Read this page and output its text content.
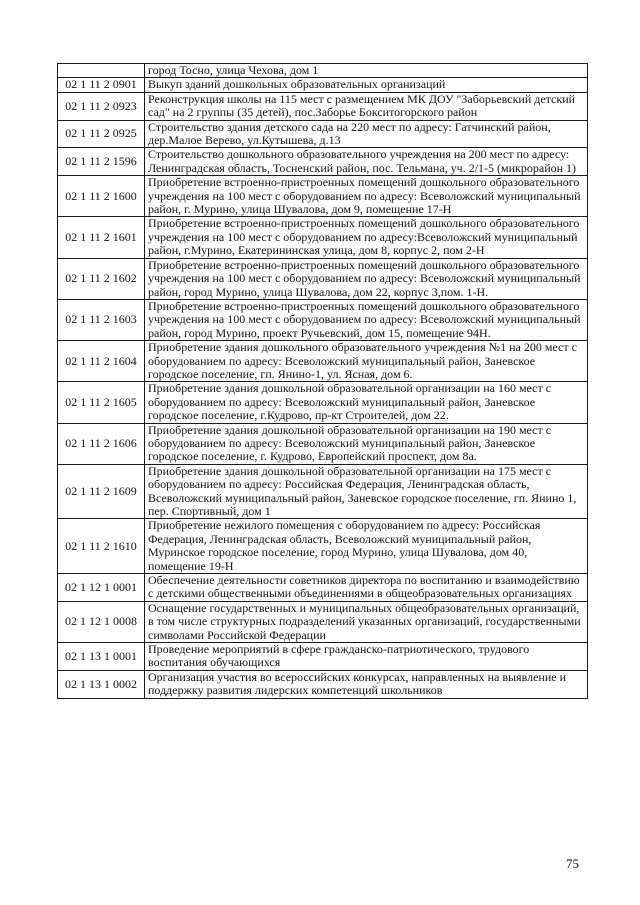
	город Тосно, улица Чехова, дом 1
02 1 11 2 0901	Выкуп зданий дошкольных образовательных организаций
02 1 11 2 0923	Реконструкция школы на 115 мест с размещением МК ДОУ "Заборьевский детский сад" на 2 группы (35 детей), пос.Заборье Бокситогорского район
02 1 11 2 0925	Строительство здания детского сада на 220 мест по адресу: Гатчинский район, дер.Малое Верево, ул.Кутышева, д.13
02 1 11 2 1596	Строительство дошкольного образовательного учреждения на 200 мест по адресу: Ленинградская область, Тосненский район, пос. Тельмана, уч. 2/1-5 (микрорайон 1)
02 1 11 2 1600	Приобретение встроенно-пристроенных помещений дошкольного образовательного учреждения на 100 мест с оборудованием по адресу: Всеволожский муниципальный район, г. Мурино, улица Шувалова, дом 9, помещение 17-Н
02 1 11 2 1601	Приобретение встроенно-пристроенных помещений дошкольного образовательного учреждения на 100 мест с оборудованием по адресу:Всеволожский муниципальный район, г.Мурино, Екатерининская улица, дом 8, корпус 2, пом 2-Н
02 1 11 2 1602	Приобретение встроенно-пристроенных помещений дошкольного образовательного учреждения на 100 мест с оборудованием по адресу: Всеволожский муниципальный район, город Мурино, улица Шувалова, дом 22, корпус 3,пом. 1-Н.
02 1 11 2 1603	Приобретение встроенно-пристроенных помещений дошкольного образовательного учреждения на 100 мест с оборудованием по адресу: Всеволожский муниципальный район, город Мурино, проект Ручьевский, дом 15, помещение 94Н.
02 1 11 2 1604	Приобретение здания дошкольного образовательного учреждения №1 на 200 мест с оборудованием по адресу: Всеволожский муниципальный район, Заневское городское поселение, гп. Янино-1, ул. Ясная, дом 6.
02 1 11 2 1605	Приобретение здания дошкольной образовательной организации на 160 мест с оборудованием по адресу: Всеволожский муниципальный район, Заневское городское поселение, г.Кудрово, пр-кт Строителей, дом 22.
02 1 11 2 1606	Приобретение здания дошкольной образовательной организации на 190 мест с оборудованием по адресу: Всеволожский муниципальный район, Заневское городское поселение, г. Кудрово, Европейский проспект, дом 8а.
02 1 11 2 1609	Приобретение здания дошкольной образовательной организации на 175 мест с оборудованием по адресу: Российская Федерация, Ленинградская область, Всеволожский муниципальный район, Заневское городское поселение, гп. Янино 1, пер. Спортивный, дом 1
02 1 11 2 1610	Приобретение нежилого помещения с оборудованием по адресу: Российская Федерация, Ленинградская область, Всеволожский муниципальный район, Муринское городское поселение, город Мурино, улица Шувалова, дом 40, помещение 19-Н
02 1 12 1 0001	Обеспечение деятельности советников директора по воспитанию и взаимодействию с детскими общественными объединениями в общеобразовательных организациях
02 1 12 1 0008	Оснащение государственных и муниципальных общеобразовательных организаций, в том числе структурных подразделений указанных организаций, государственными символами Российской Федерации
02 1 13 1 0001	Проведение мероприятий в сфере гражданско-патриотического, трудового воспитания обучающихся
02 1 13 1 0002	Организация участия во всероссийских конкурсах, направленных на выявление и поддержку развития лидерских компетенций школьников
75
